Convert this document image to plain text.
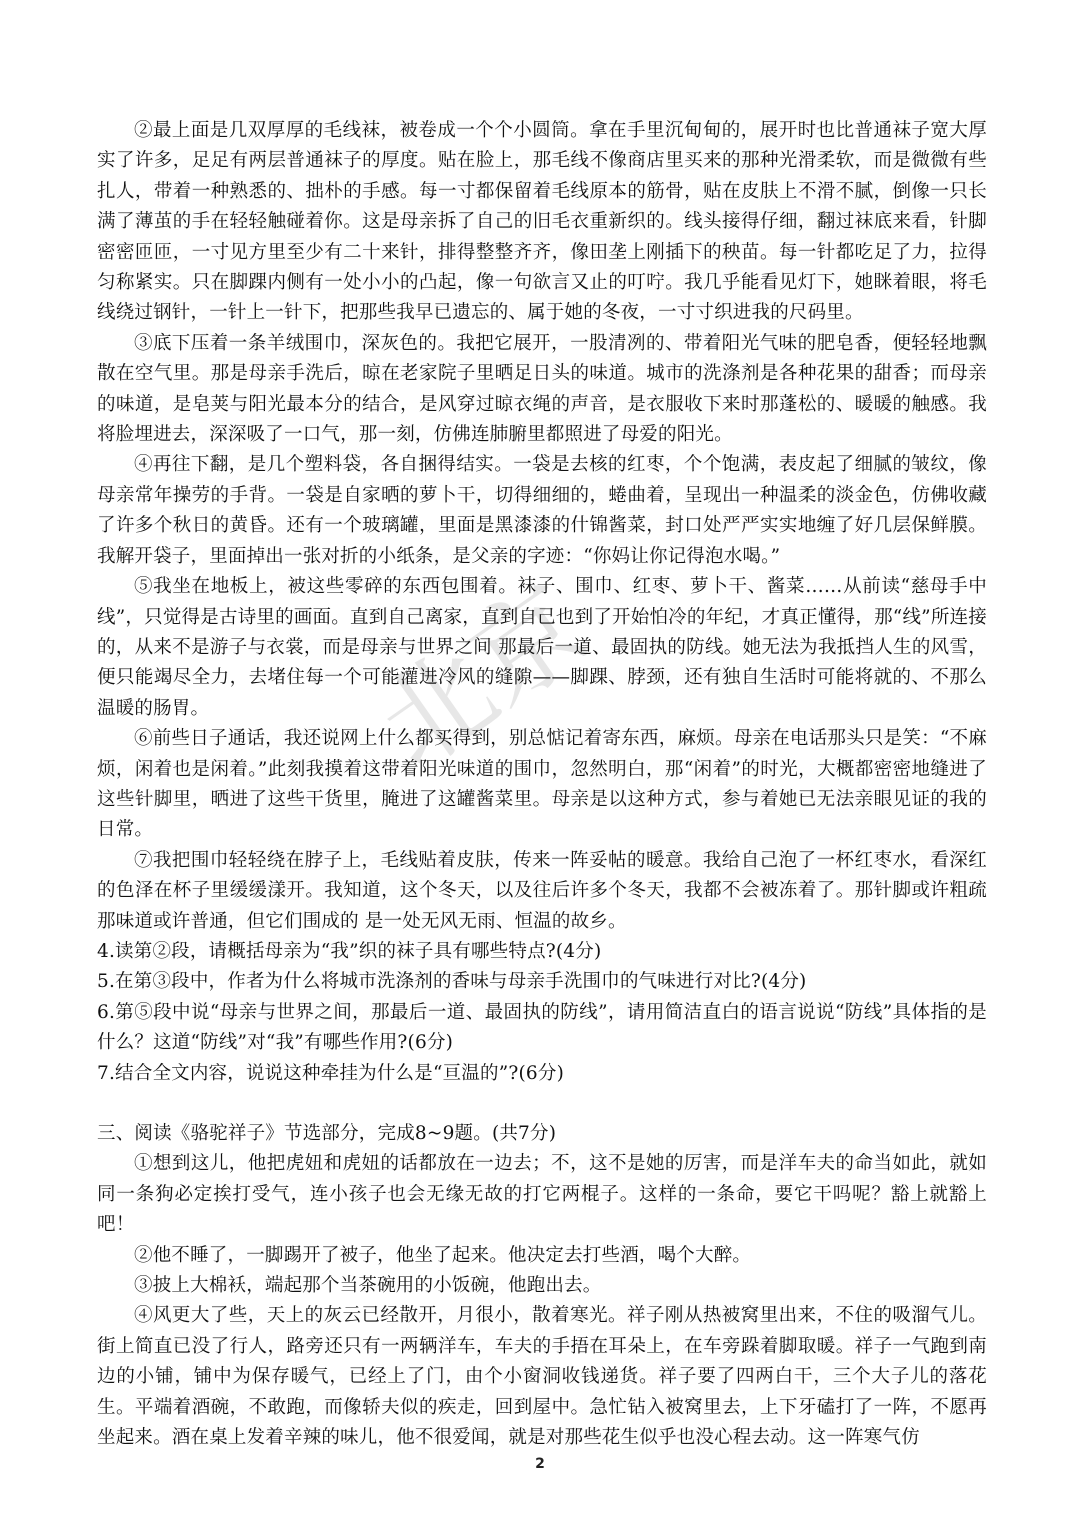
北京

②最上面是几双厚厚的毛线袜，被卷成一个个小圆筒。拿在手里沉甸甸的，展开时也比普通袜子宽大厚实了许多，足足有两层普通袜子的厚度。贴在脸上，那毛线不像商店里买来的那种光滑柔软，而是微微有些扎人，带着一种熟悉的、拙朴的手感。每一寸都保留着毛线原本的筋骨，贴在皮肤上不滑不腻，倒像一只长满了薄茧的手在轻轻触碰着你。这是母亲拆了自己的旧毛衣重新织的。线头接得仔细，翻过袜底来看，针脚密密匝匝，一寸见方里至少有二十来针，排得整整齐齐，像田垄上刚插下的秧苗。每一针都吃足了力，拉得匀称紧实。只在脚踝内侧有一处小小的凸起，像一句欲言又止的叮咛。我几乎能看见灯下，她眯着眼，将毛线绕过钢针，一针上一针下，把那些我早已遗忘的、属于她的冬夜，一寸寸织进我的尺码里。

③底下压着一条羊绒围巾，深灰色的。我把它展开，一股清冽的、带着阳光气味的肥皂香，便轻轻地飘散在空气里。那是母亲手洗后，晾在老家院子里晒足日头的味道。城市的洗涤剂是各种花果的甜香；而母亲的味道，是皂荚与阳光最本分的结合，是风穿过晾衣绳的声音，是衣服收下来时那蓬松的、暖暖的触感。我将脸埋进去，深深吸了一口气，那一刻，仿佛连肺腑里都照进了母爱的阳光。

④再往下翻，是几个塑料袋，各自捆得结实。一袋是去核的红枣，个个饱满，表皮起了细腻的皱纹，像母亲常年操劳的手背。一袋是自家晒的萝卜干，切得细细的，蜷曲着，呈现出一种温柔的淡金色，仿佛收藏了许多个秋日的黄昏。还有一个玻璃罐，里面是黑漆漆的什锦酱菜，封口处严严实实地缠了好几层保鲜膜。我解开袋子，里面掉出一张对折的小纸条，是父亲的字迹：“你妈让你记得泡水喝。”

⑤我坐在地板上，被这些零碎的东西包围着。袜子、围巾、红枣、萝卜干、酱菜……从前读“慈母手中线”，只觉得是古诗里的画面。直到自己离家，直到自己也到了开始怕冷的年纪，才真正懂得，那“线”所连接的，从来不是游子与衣裳，而是母亲与世界之间 那最后一道、最固执的防线。她无法为我抵挡人生的风雪，便只能竭尽全力，去堵住每一个可能灌进冷风的缝隙——脚踝、脖颈，还有独自生活时可能将就的、不那么温暖的肠胃。

⑥前些日子通话，我还说网上什么都买得到，别总惦记着寄东西，麻烦。母亲在电话那头只是笑：“不麻烦，闲着也是闲着。”此刻我摸着这带着阳光味道的围巾，忽然明白，那“闲着”的时光，大概都密密地缝进了这些针脚里，晒进了这些干货里，腌进了这罐酱菜里。母亲是以这种方式，参与着她已无法亲眼见证的我的日常。

⑦我把围巾轻轻绕在脖子上，毛线贴着皮肤，传来一阵妥帖的暖意。我给自己泡了一杯红枣水，看深红的色泽在杯子里缓缓漾开。我知道，这个冬天，以及往后许多个冬天，我都不会被冻着了。那针脚或许粗疏 那味道或许普通，但它们围成的 是一处无风无雨、恒温的故乡。

4.读第②段，请概括母亲为“我”织的袜子具有哪些特点?(4分)

5.在第③段中，作者为什么将城市洗涤剂的香味与母亲手洗围巾的气味进行对比?(4分)

6.第⑤段中说“母亲与世界之间，那最后一道、最固执的防线”，请用简洁直白的语言说说“防线”具体指的是什么？这道“防线”对“我”有哪些作用?(6分)

7.结合全文内容，说说这种牵挂为什么是“亘温的”?(6分)

三、阅读《骆驼祥子》节选部分，完成8~9题。(共7分)

①想到这儿，他把虎妞和虎妞的话都放在一边去；不，这不是她的厉害，而是洋车夫的命当如此，就如同一条狗必定挨打受气，连小孩子也会无缘无故的打它两棍子。这样的一条命，要它干吗呢？豁上就豁上吧！

②他不睡了，一脚踢开了被子，他坐了起来。他决定去打些酒，喝个大醉。

③披上大棉袄，端起那个当茶碗用的小饭碗，他跑出去。

④风更大了些，天上的灰云已经散开，月很小，散着寒光。祥子刚从热被窝里出来，不住的吸溜气儿。街上简直已没了行人，路旁还只有一两辆洋车，车夫的手捂在耳朵上，在车旁跺着脚取暖。祥子一气跑到南边的小铺，铺中为保存暖气，已经上了门，由个小窗洞收钱递货。祥子要了四两白干，三个大子儿的落花生。平端着酒碗，不敢跑，而像轿夫似的疾走，回到屋中。急忙钻入被窝里去，上下牙磕打了一阵，不愿再坐起来。酒在桌上发着辛辣的味儿，他不很爱闻，就是对那些花生似乎也没心程去动。这一阵寒气仿

2
